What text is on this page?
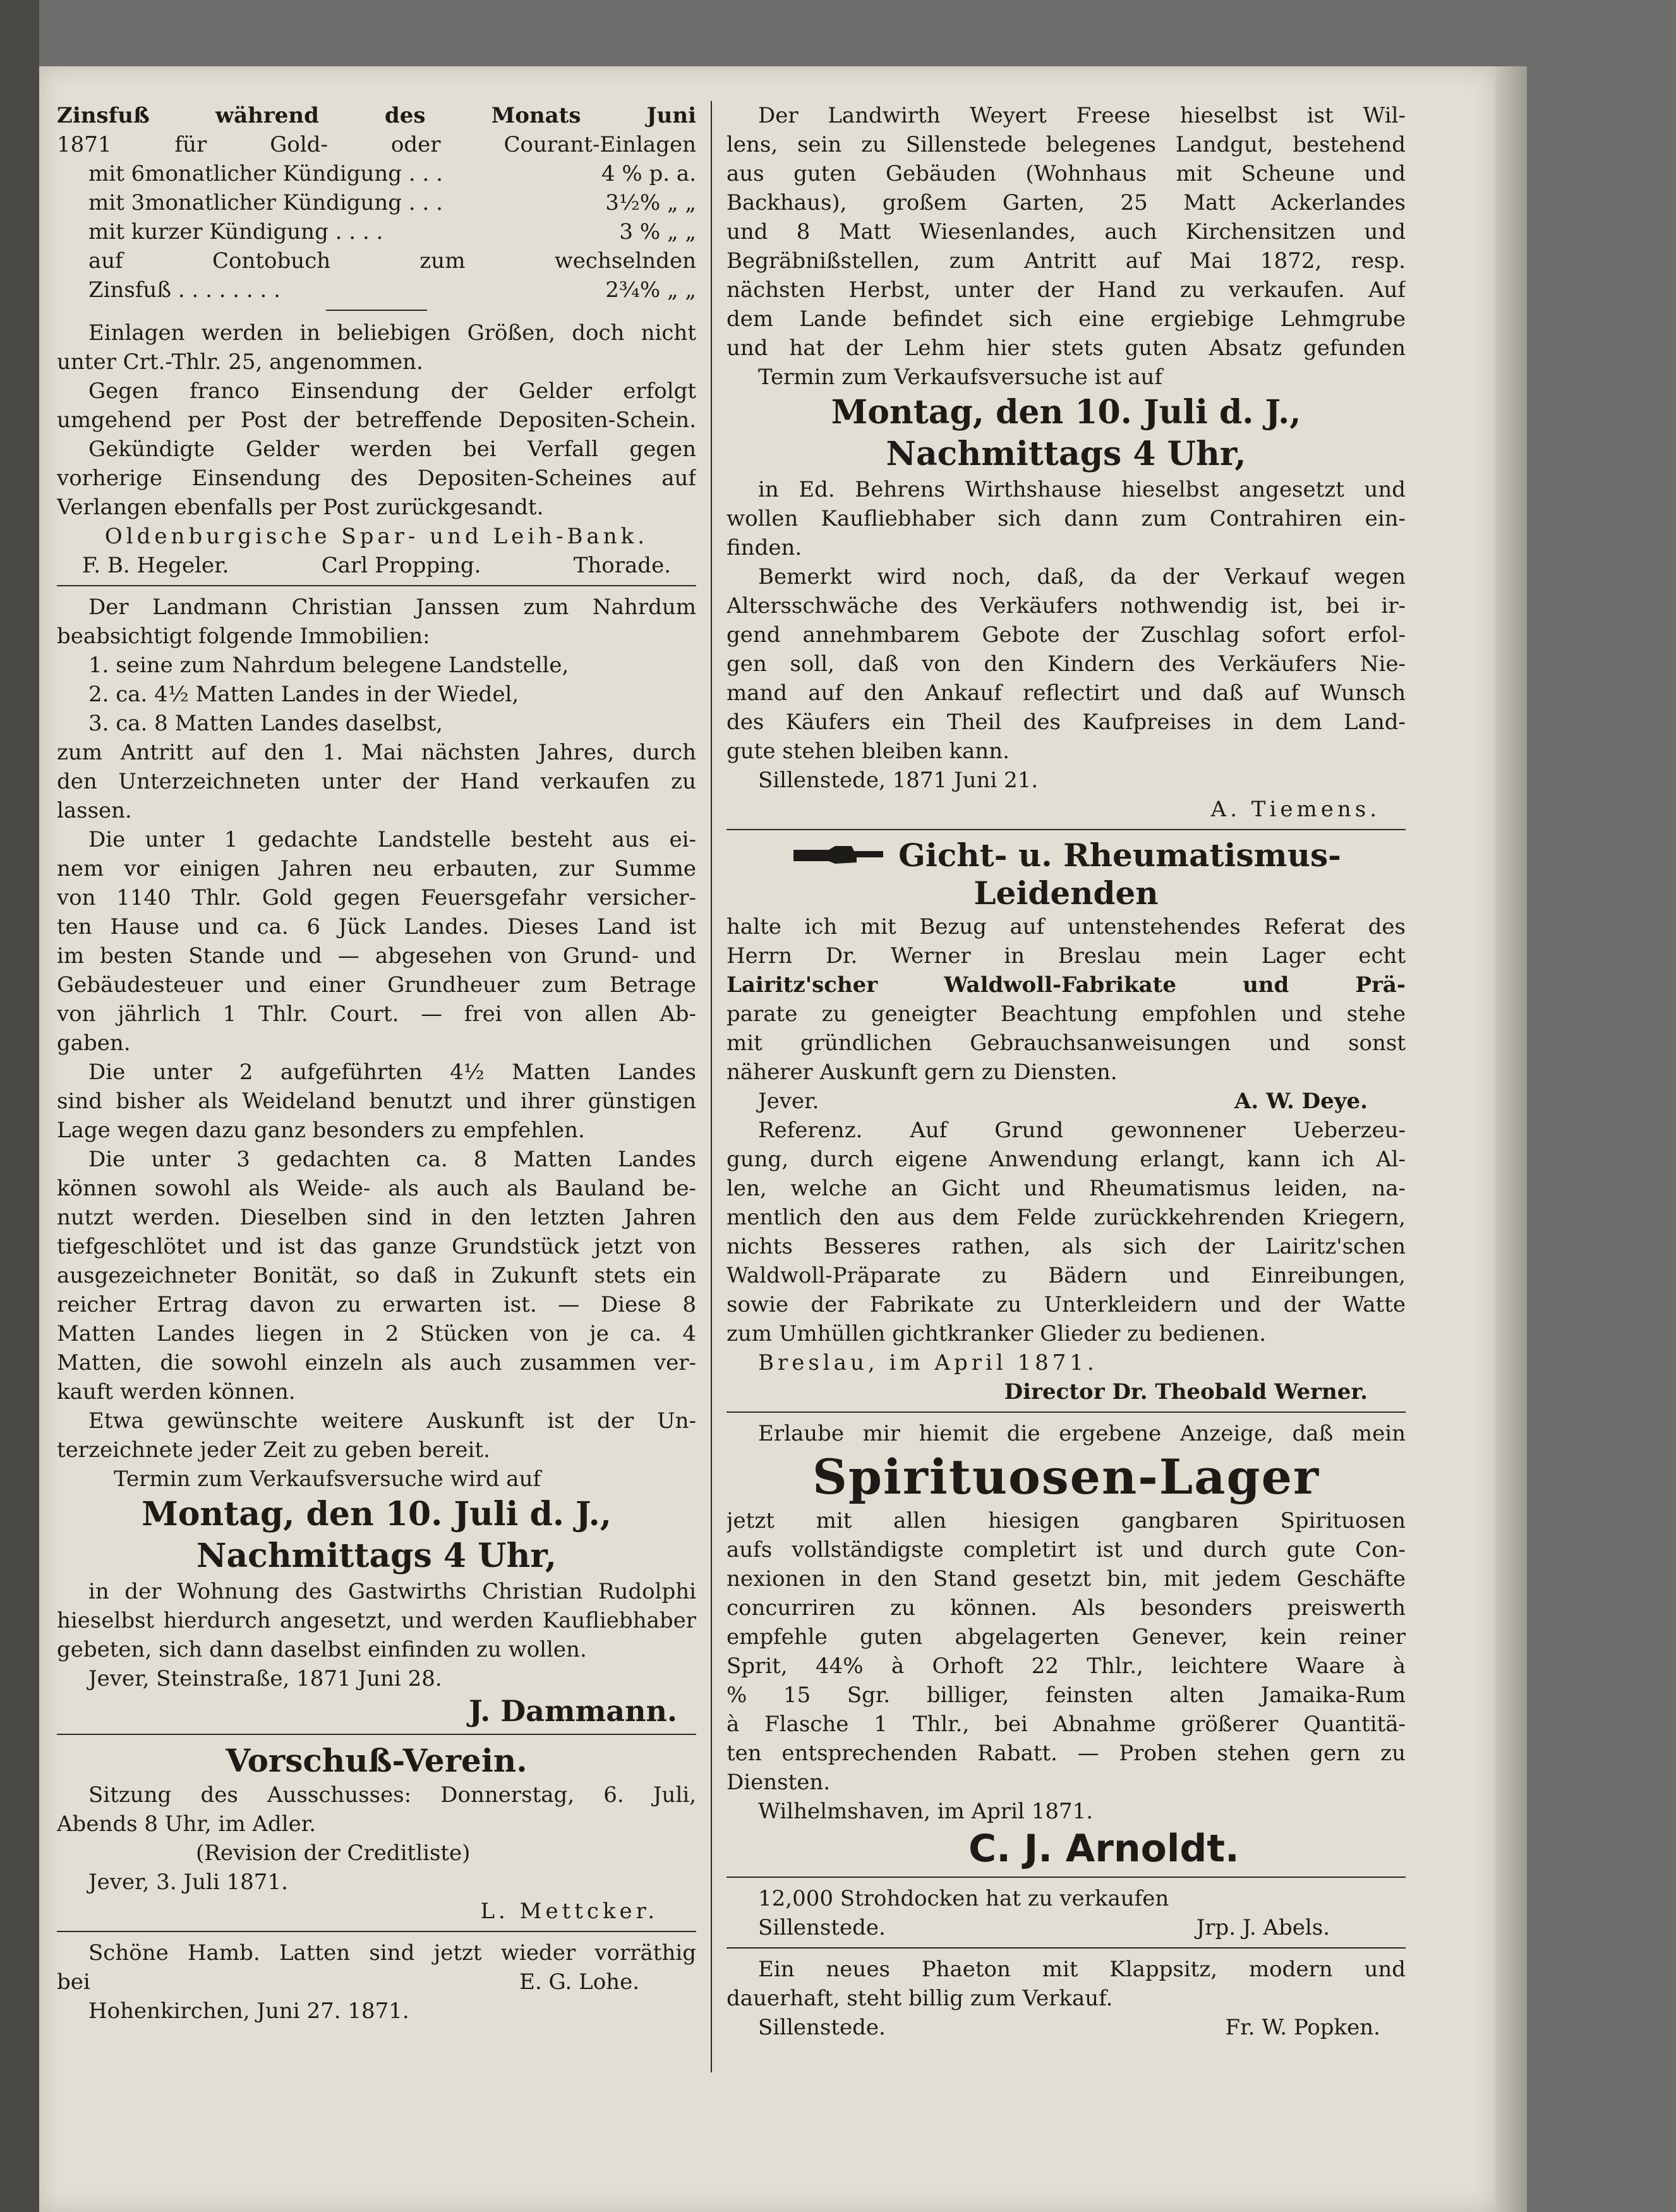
Zinsfuß während des Monats Juni

1871 für Gold- oder Courant-Einlagen

mit 6monatlicher Kündigung . . .	4 % p. a.
mit 3monatlicher Kündigung . . .	3½% „ „
mit kurzer Kündigung . . . .	3 % „ „

auf Contobuch zum wechselnden

Zinsfuß . . . . . . . .	2¾% „ „

Einlagen werden in beliebigen Größen, doch nicht

unter Crt.-Thlr. 25, angenommen.

Gegen franco Einsendung der Gelder erfolgt

umgehend per Post der betreffende Depositen-Schein.

Gekündigte Gelder werden bei Verfall gegen

vorherige Einsendung des Depositen-Scheines auf

Verlangen ebenfalls per Post zurückgesandt.

Oldenburgische Spar- und Leih-Bank.

F. B. Hegeler.	Carl Propping.	Thorade.

Der Landmann Christian Janssen zum Nahrdum

beabsichtigt folgende Immobilien:

1. seine zum Nahrdum belegene Landstelle,

2. ca. 4½ Matten Landes in der Wiedel,

3. ca. 8 Matten Landes daselbst,

zum Antritt auf den 1. Mai nächsten Jahres, durch

den Unterzeichneten unter der Hand verkaufen zu

lassen.

Die unter 1 gedachte Landstelle besteht aus ei-

nem vor einigen Jahren neu erbauten, zur Summe

von 1140 Thlr. Gold gegen Feuersgefahr versicher-

ten Hause und ca. 6 Jück Landes. Dieses Land ist

im besten Stande und — abgesehen von Grund- und

Gebäudesteuer und einer Grundheuer zum Betrage

von jährlich 1 Thlr. Court. — frei von allen Ab-

gaben.

Die unter 2 aufgeführten 4½ Matten Landes

sind bisher als Weideland benutzt und ihrer günstigen

Lage wegen dazu ganz besonders zu empfehlen.

Die unter 3 gedachten ca. 8 Matten Landes

können sowohl als Weide- als auch als Bauland be-

nutzt werden. Dieselben sind in den letzten Jahren

tiefgeschlötet und ist das ganze Grundstück jetzt von

ausgezeichneter Bonität, so daß in Zukunft stets ein

reicher Ertrag davon zu erwarten ist. — Diese 8

Matten Landes liegen in 2 Stücken von je ca. 4

Matten, die sowohl einzeln als auch zusammen ver-

kauft werden können.

Etwa gewünschte weitere Auskunft ist der Un-

terzeichnete jeder Zeit zu geben bereit.

Termin zum Verkaufsversuche wird auf

Montag, den 10. Juli d. J.,

Nachmittags 4 Uhr,

in der Wohnung des Gastwirths Christian Rudolphi

hieselbst hierdurch angesetzt, und werden Kaufliebhaber

gebeten, sich dann daselbst einfinden zu wollen.

Jever, Steinstraße, 1871 Juni 28.

J. Dammann.

Vorschuß-Verein.

Sitzung des Ausschusses: Donnerstag, 6. Juli,

Abends 8 Uhr, im Adler.

(Revision der Creditliste)

Jever, 3. Juli 1871.

L. Mettcker.

Schöne Hamb. Latten sind jetzt wieder vorräthig

bei	E. G. Lohe.

Hohenkirchen, Juni 27. 1871.

Der Landwirth Weyert Freese hieselbst ist Wil-

lens, sein zu Sillenstede belegenes Landgut, bestehend

aus guten Gebäuden (Wohnhaus mit Scheune und

Backhaus), großem Garten, 25 Matt Ackerlandes

und 8 Matt Wiesenlandes, auch Kirchensitzen und

Begräbnißstellen, zum Antritt auf Mai 1872, resp.

nächsten Herbst, unter der Hand zu verkaufen. Auf

dem Lande befindet sich eine ergiebige Lehmgrube

und hat der Lehm hier stets guten Absatz gefunden

Termin zum Verkaufsversuche ist auf

Montag, den 10. Juli d. J.,

Nachmittags 4 Uhr,

in Ed. Behrens Wirthshause hieselbst angesetzt und

wollen Kaufliebhaber sich dann zum Contrahiren ein-

finden.

Bemerkt wird noch, daß, da der Verkauf wegen

Altersschwäche des Verkäufers nothwendig ist, bei ir-

gend annehmbarem Gebote der Zuschlag sofort erfol-

gen soll, daß von den Kindern des Verkäufers Nie-

mand auf den Ankauf reflectirt und daß auf Wunsch

des Käufers ein Theil des Kaufpreises in dem Land-

gute stehen bleiben kann.

Sillenstede, 1871 Juni 21.

A. Tiemens.

Gicht- u. Rheumatismus-

Leidenden

halte ich mit Bezug auf untenstehendes Referat des

Herrn Dr. Werner in Breslau mein Lager echt

Lairitz'scher Waldwoll-Fabrikate und Prä-

parate zu geneigter Beachtung empfohlen und stehe

mit gründlichen Gebrauchsanweisungen und sonst

näherer Auskunft gern zu Diensten.

Jever.	A. W. Deye.

Referenz. Auf Grund gewonnener Ueberzeu-

gung, durch eigene Anwendung erlangt, kann ich Al-

len, welche an Gicht und Rheumatismus leiden, na-

mentlich den aus dem Felde zurückkehrenden Kriegern,

nichts Besseres rathen, als sich der Lairitz'schen

Waldwoll-Präparate zu Bädern und Einreibungen,

sowie der Fabrikate zu Unterkleidern und der Watte

zum Umhüllen gichtkranker Glieder zu bedienen.

Breslau, im April 1871.

Director Dr. Theobald Werner.

Erlaube mir hiemit die ergebene Anzeige, daß mein

Spirituosen-Lager

jetzt mit allen hiesigen gangbaren Spirituosen

aufs vollständigste completirt ist und durch gute Con-

nexionen in den Stand gesetzt bin, mit jedem Geschäfte

concurriren zu können. Als besonders preiswerth

empfehle guten abgelagerten Genever, kein reiner

Sprit, 44% à Orhoft 22 Thlr., leichtere Waare à

% 15 Sgr. billiger, feinsten alten Jamaika-Rum

à Flasche 1 Thlr., bei Abnahme größerer Quantitä-

ten entsprechenden Rabatt. — Proben stehen gern zu

Diensten.

Wilhelmshaven, im April 1871.

C. J. Arnoldt.

12,000 Strohdocken hat zu verkaufen

Sillenstede.	Jrp. J. Abels.

Ein neues Phaeton mit Klappsitz, modern und

dauerhaft, steht billig zum Verkauf.

Sillenstede.	Fr. W. Popken.
